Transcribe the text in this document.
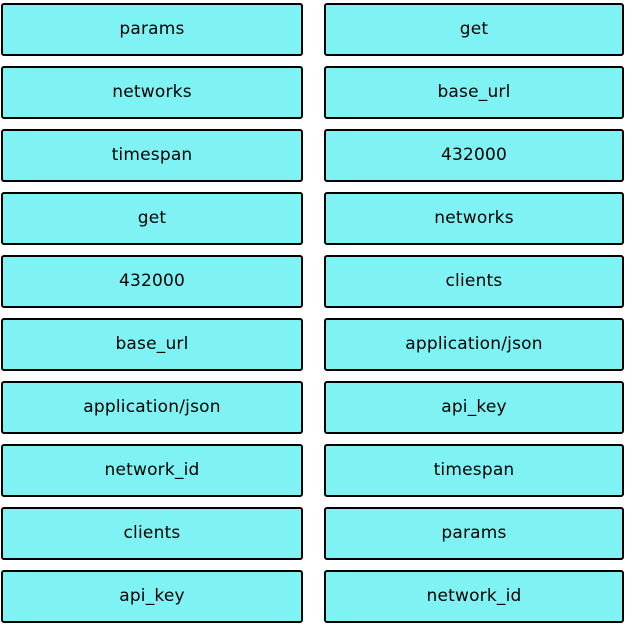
params
networks
timespan
get
432000
base_url
application/json
network_id
clients
api_key
get
base_url
432000
networks
clients
application/json
api_key
timespan
params
network_id
